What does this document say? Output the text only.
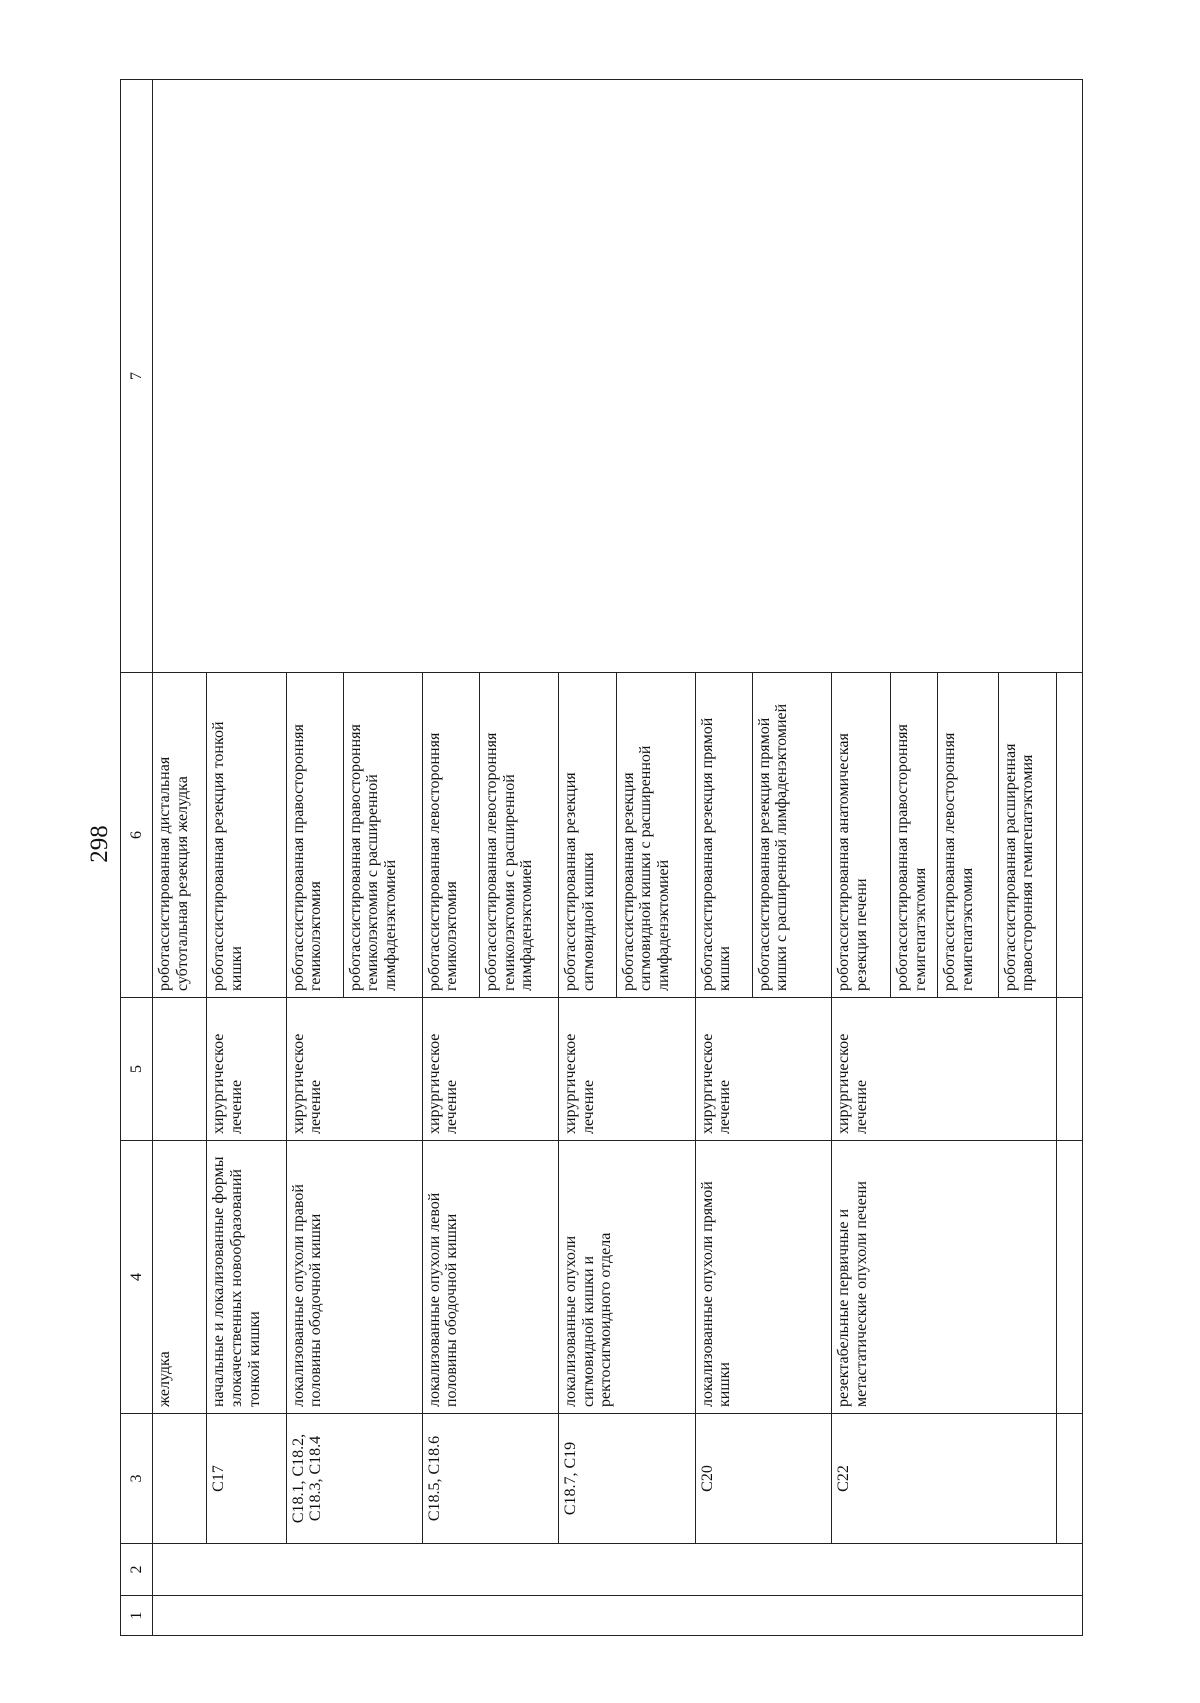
298
1	2	3	4	5	6	7
			желудка		роботассистированная дистальная субтотальная резекция желудка	
		C17	начальные и локализованные формы злокачественных новообразований тонкой кишки	хирургическое лечение	роботассистированная резекция тонкой кишки	
		C18.1, C18.2, C18.3, C18.4	локализованные опухоли правой половины ободочной кишки	хирургическое лечение	роботассистированная правосторонняя гемиколэктомия	
					роботассистированная правосторонняя гемиколэктомия с расширенной лимфаденэктомией	
		C18.5, C18.6	локализованные опухоли левой половины ободочной кишки	хирургическое лечение	роботассистированная левосторонняя гемиколэктомия	
					роботассистированная левосторонняя гемиколэктомия с расширенной лимфаденэктомией	
		C18.7, C19	локализованные опухоли сигмовидной кишки и ректосигмоидного отдела	хирургическое лечение	роботассистированная резекция сигмовидной кишки	
					роботассистированная резекция сигмовидной кишки с расширенной лимфаденэктомией	
		C20	локализованные опухоли прямой кишки	хирургическое лечение	роботассистированная резекция прямой кишки	
					роботассистированная резекция прямой кишки с расширенной лимфаденэктомией	
		C22	резектабельные первичные и метастатические опухоли печени	хирургическое лечение	роботассистированная анатомическая резекция печени	
					роботассистированная правосторонняя гемигепатэктомия	
					роботассистированная левосторонняя гемигепатэктомия	
					роботассистированная расширенная правосторонняя гемигепатэктомия	
